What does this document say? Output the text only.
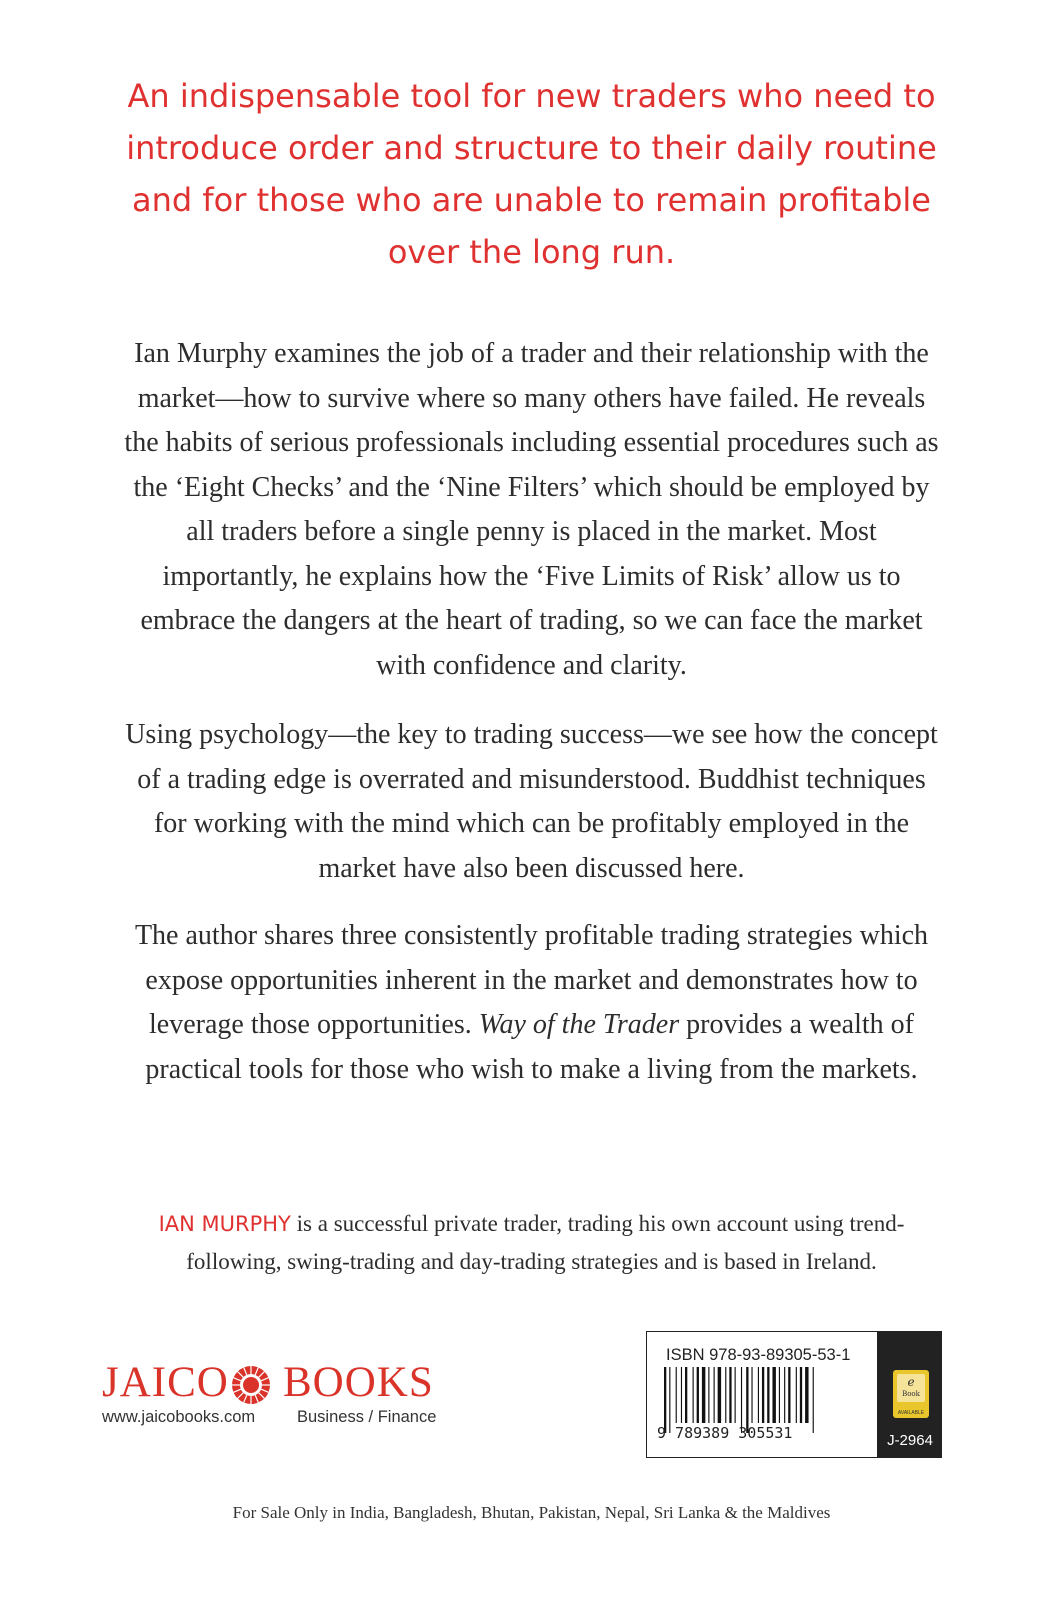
An indispensable tool for new traders who need to
introduce order and structure to their daily routine
and for those who are unable to remain profitable
over the long run.
Ian Murphy examines the job of a trader and their relationship with the
market—how to survive where so many others have failed. He reveals
the habits of serious professionals including essential procedures such as
the ‘Eight Checks’ and the ‘Nine Filters’ which should be employed by
all traders before a single penny is placed in the market. Most
importantly, he explains how the ‘Five Limits of Risk’ allow us to
embrace the dangers at the heart of trading, so we can face the market
with confidence and clarity.
Using psychology—the key to trading success—we see how the concept
of a trading edge is overrated and misunderstood. Buddhist techniques
for working with the mind which can be profitably employed in the
market have also been discussed here.
The author shares three consistently profitable trading strategies which
expose opportunities inherent in the market and demonstrates how to
leverage those opportunities. Way of the Trader provides a wealth of
practical tools for those who wish to make a living from the markets.
IAN MURPHY is a successful private trader, trading his own account using trend-
following, swing-trading and day-trading strategies and is based in Ireland.
JAICO BOOKS
www.jaicobooks.com	Business / Finance
ISBN 978-93-89305-53-1
9 789389 305531
e
Book
AVAILABLE
J-2964
For Sale Only in India, Bangladesh, Bhutan, Pakistan, Nepal, Sri Lanka & the Maldives
